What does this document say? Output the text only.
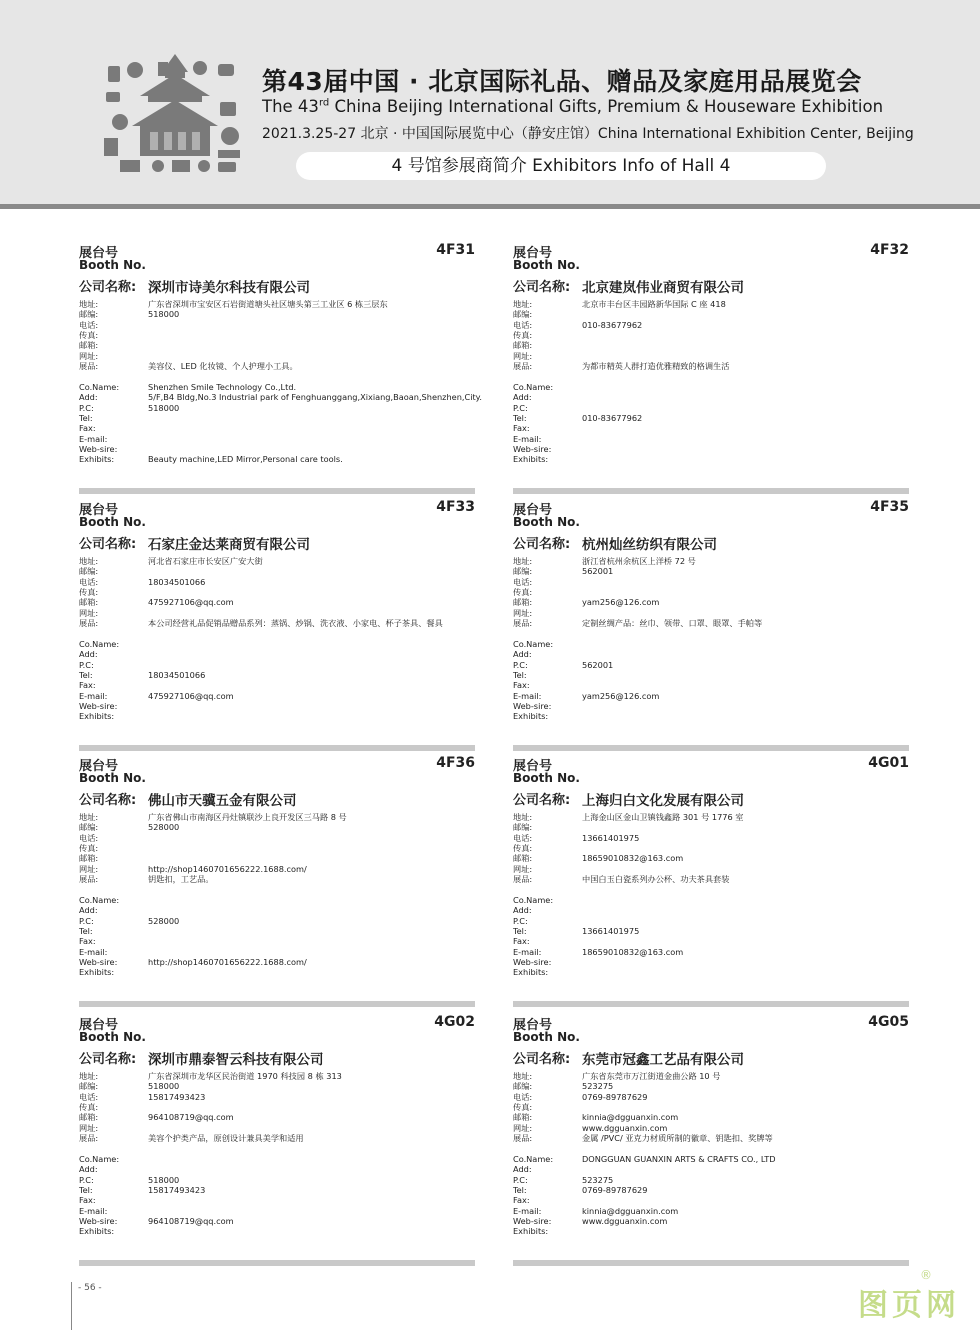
第43届中国 · 北京国际礼品、赠品及家庭用品展览会
The 43rd China Beijing International Gifts, Premium & Houseware Exhibition
2021.3.25-27 北京 · 中国国际展览中心（静安庄馆）China International Exhibition Center, Beijing
4 号馆参展商简介 Exhibitors Info of Hall 4
展台号
Booth No.
4F31
公司名称: 深圳市诗美尔科技有限公司
地址:	广东省深圳市宝安区石岩街道塘头社区塘头第三工业区 6 栋三层东
邮编:	518000
电话:
传真:
邮箱:
网址:
展品:	美容仪、LED 化妆镜、个人护理小工具。
Co.Name:	Shenzhen Smile Technology Co.,Ltd.
Add:	5/F,B4 Bldg,No.3 Industrial park of Fenghuanggang,Xixiang,Baoan,Shenzhen,City.
P.C:	518000
Tel:
Fax:
E-mail:
Web-sire:
Exhibits:	Beauty machine,LED Mirror,Personal care tools.
展台号
Booth No.
4F32
公司名称: 北京建岚伟业商贸有限公司
地址:	北京市丰台区丰园路新华国际 C 座 418
邮编:
电话:	010-83677962
传真:
邮箱:
网址:
展品:	为都市精英人群打造优雅精致的格调生活
Co.Name:
Add:
P.C:
Tel:	010-83677962
Fax:
E-mail:
Web-sire:
Exhibits:
展台号
Booth No.
4F33
公司名称: 石家庄金达莱商贸有限公司
地址:	河北省石家庄市长安区广安大街
邮编:
电话:	18034501066
传真:
邮箱:	475927106@qq.com
网址:
展品:	本公司经营礼品促销品赠品系列：蒸锅、炒锅、洗衣液、小家电、杯子茶具、餐具
Co.Name:
Add:
P.C:
Tel:	18034501066
Fax:
E-mail:	475927106@qq.com
Web-sire:
Exhibits:
展台号
Booth No.
4F35
公司名称: 杭州灿丝纺织有限公司
地址:	浙江省杭州余杭区上洋桥 72 号
邮编:	562001
电话:
传真:
邮箱:	yam256@126.com
网址:
展品:	定制丝绸产品：丝巾、领带、口罩、眼罩、手帕等
Co.Name:
Add:
P.C:	562001
Tel:
Fax:
E-mail:	yam256@126.com
Web-sire:
Exhibits:
展台号
Booth No.
4F36
公司名称: 佛山市天骥五金有限公司
地址:	广东省佛山市南海区丹灶镇联沙上良开发区三马路 8 号
邮编:	528000
电话:
传真:
邮箱:
网址:	http://shop1460701656222.1688.com/
展品:	钥匙扣，工艺品。
Co.Name:
Add:
P.C:	528000
Tel:
Fax:
E-mail:
Web-sire:	http://shop1460701656222.1688.com/
Exhibits:
展台号
Booth No.
4G01
公司名称: 上海归白文化发展有限公司
地址:	上海金山区金山卫镇钱鑫路 301 号 1776 室
邮编:
电话:	13661401975
传真:
邮箱:	18659010832@163.com
网址:
展品:	中国白玉白瓷系列办公杯、功夫茶具套装
Co.Name:
Add:
P.C:
Tel:	13661401975
Fax:
E-mail:	18659010832@163.com
Web-sire:
Exhibits:
展台号
Booth No.
4G02
公司名称: 深圳市鼎泰智云科技有限公司
地址:	广东省深圳市龙华区民治街道 1970 科技园 8 栋 313
邮编:	518000
电话:	15817493423
传真:
邮箱:	964108719@qq.com
网址:
展品:	美容个护类产品，原创设计兼具美学和适用
Co.Name:
Add:
P.C:	518000
Tel:	15817493423
Fax:
E-mail:
Web-sire:	964108719@qq.com
Exhibits:
展台号
Booth No.
4G05
公司名称: 东莞市冠鑫工艺品有限公司
地址:	广东省东莞市万江街道金曲公路 10 号
邮编:	523275
电话:	0769-89787629
传真:
邮箱:	kinnia@dgguanxin.com
网址:	www.dgguanxin.com
展品:	金属 /PVC/ 亚克力材质所制的徽章、钥匙扣、奖牌等
Co.Name:	DONGGUAN GUANXIN ARTS & CRAFTS CO., LTD
Add:
P.C:	523275
Tel:	0769-89787629
Fax:
E-mail:	kinnia@dgguanxin.com
Web-sire:	www.dgguanxin.com
Exhibits:
- 56 -	图页网
®
